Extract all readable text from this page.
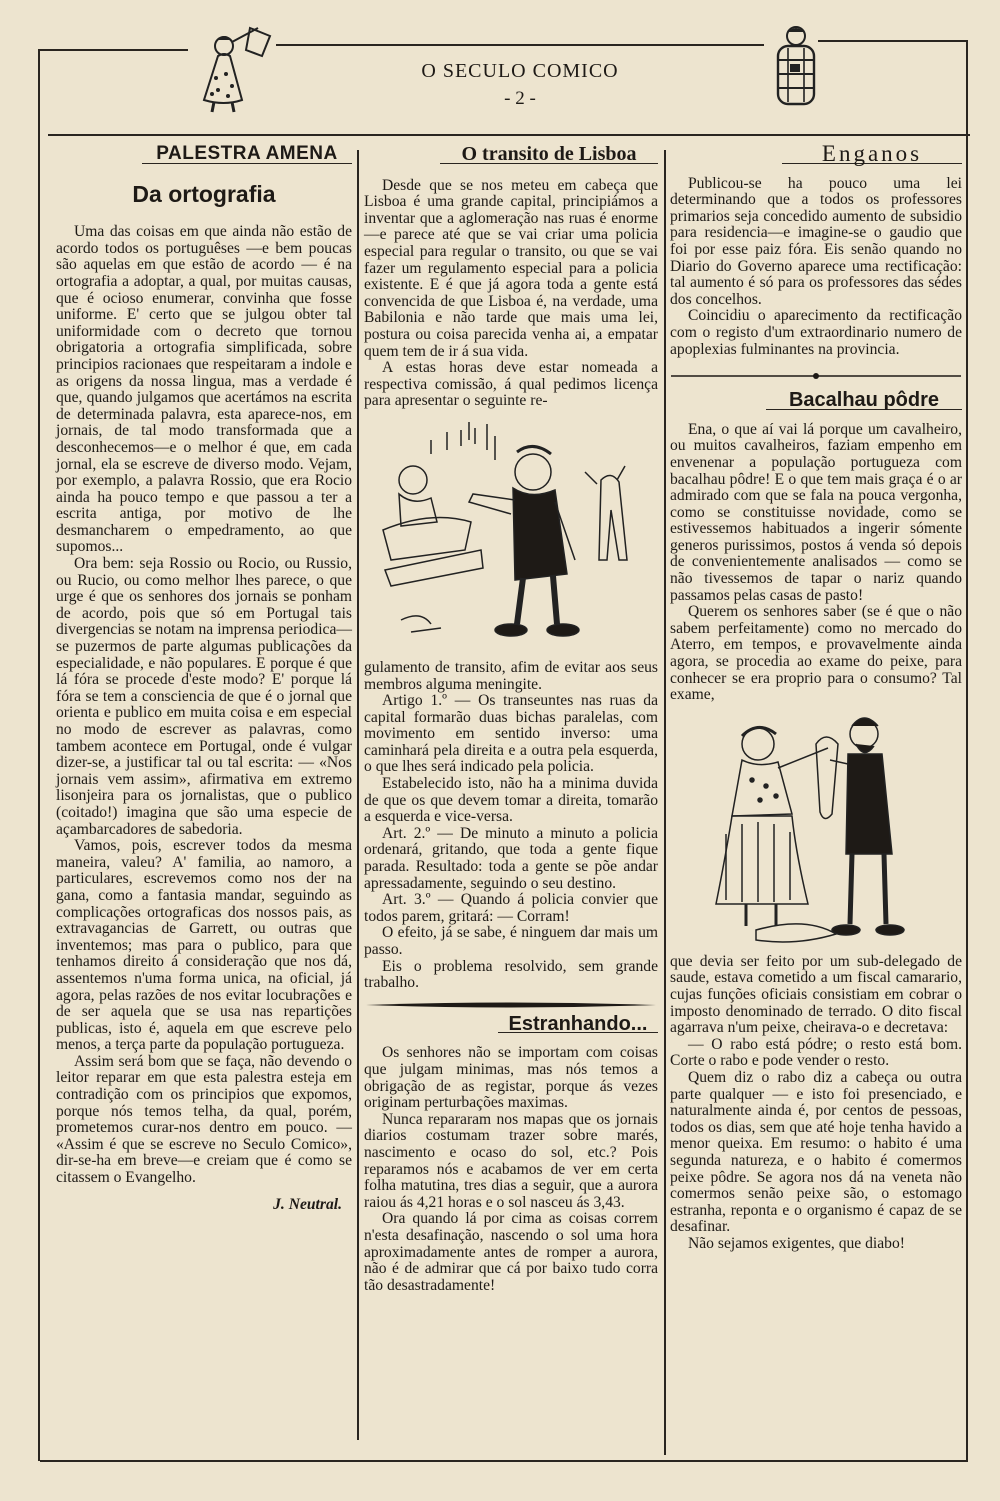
O SECULO COMICO
- 2 -
PALESTRA AMENA
Da ortografia

Uma das coisas em que ainda não estão de acordo todos os portuguêses —e bem poucas são aquelas em que estão de acordo — é na ortografia a adoptar, a qual, por muitas causas, que é ocioso enumerar, convinha que fosse uniforme. E' certo que se julgou obter tal uniformidade com o decreto que tornou obrigatoria a ortografia simplificada, sobre principios racionaes que respeitaram a indole e as origens da nossa lingua, mas a verdade é que, quando julgamos que acertámos na escrita de determinada palavra, esta aparece-nos, em jornais, de tal modo transformada que a desconhecemos—e o melhor é que, em cada jornal, ela se escreve de diverso modo. Vejam, por exemplo, a palavra Rossio, que era Rocio ainda ha pouco tempo e que passou a ter a escrita antiga, por motivo de lhe desmancharem o empedramento, ao que supomos...

Ora bem: seja Rossio ou Rocio, ou Russio, ou Rucio, ou como melhor lhes parece, o que urge é que os senhores dos jornais se ponham de acordo, pois que só em Portugal tais divergencias se notam na imprensa periodica—se puzermos de parte algumas publicações da especialidade, e não populares. E porque é que lá fóra se procede d'este modo? E' porque lá fóra se tem a consciencia de que é o jornal que orienta e publico em muita coisa e em especial no modo de escrever as palavras, como tambem acontece em Portugal, onde é vulgar dizer-se, a justificar tal ou tal escrita: — «Nos jornais vem assim», afirmativa em extremo lisonjeira para os jornalistas, que o publico (coitado!) imagina que são uma especie de açambarcadores de sabedoria.

Vamos, pois, escrever todos da mesma maneira, valeu? A' familia, ao namoro, a particulares, escrevemos como nos der na gana, como a fantasia mandar, seguindo as complicações ortograficas dos nossos pais, as extravagancias de Garrett, ou outras que inventemos; mas para o publico, para que tenhamos direito á consideração que nos dá, assentemos n'uma forma unica, na oficial, já agora, pelas razões de nos evitar locubrações e de ser aquela que se usa nas repartições publicas, isto é, aquela em que escreve pelo menos, a terça parte da população portugueza.

Assim será bom que se faça, não devendo o leitor reparar em que esta palestra esteja em contradição com os principios que expomos, porque nós temos telha, da qual, porém, prometemos curar-nos dentro em pouco. — «Assim é que se escreve no Seculo Comico», dir-se-ha em breve—e creiam que é como se citassem o Evangelho.

J. Neutral.
O transito de Lisboa

Desde que se nos meteu em cabeça que Lisboa é uma grande capital, principiámos a inventar que a aglomeração nas ruas é enorme—e parece até que se vai criar uma policia especial para regular o transito, ou que se vai fazer um regulamento especial para a policia existente. E é que já agora toda a gente está convencida de que Lisboa é, na verdade, uma Babilonia e não tarde que mais uma lei, postura ou coisa parecida venha ai, a empatar quem tem de ir á sua vida.

A estas horas deve estar nomeada a respectiva comissão, á qual pedimos licença para apresentar o seguinte re-

gulamento de transito, afim de evitar aos seus membros alguma meningite.

Artigo 1.º — Os transeuntes nas ruas da capital formarão duas bichas paralelas, com movimento em sentido inverso: uma caminhará pela direita e a outra pela esquerda, o que lhes será indicado pela policia.

Estabelecido isto, não ha a minima duvida de que os que devem tomar a direita, tomarão a esquerda e vice-versa.

Art. 2.º — De minuto a minuto a policia ordenará, gritando, que toda a gente fique parada. Resultado: toda a gente se põe andar apressadamente, seguindo o seu destino.

Art. 3.º — Quando á policia convier que todos parem, gritará: — Corram!

O efeito, já se sabe, é ninguem dar mais um passo.

Eis o problema resolvido, sem grande trabalho.

Estranhando...

Os senhores não se importam com coisas que julgam minimas, mas nós temos a obrigação de as registar, porque ás vezes originam perturbações maximas.

Nunca repararam nos mapas que os jornais diarios costumam trazer sobre marés, nascimento e ocaso do sol, etc.? Pois reparamos nós e acabamos de ver em certa folha matutina, tres dias a seguir, que a aurora raiou ás 4,21 horas e o sol nasceu ás 3,43.

Ora quando lá por cima as coisas correm n'esta desafinação, nascendo o sol uma hora aproximadamente antes de romper a aurora, não é de admirar que cá por baixo tudo corra tão desastradamente!

Enganos

Publicou-se ha pouco uma lei determinando que a todos os professores primarios seja concedido aumento de subsidio para residencia—e imagine-se o gaudio que foi por esse paiz fóra. Eis senão quando no Diario do Governo aparece uma rectificação: tal aumento é só para os professores das sédes dos concelhos.

Coincidiu o aparecimento da rectificação com o registo d'um extraordinario numero de apoplexias fulminantes na provincia.

Bacalhau pôdre

Ena, o que aí vai lá porque um cavalheiro, ou muitos cavalheiros, faziam empenho em envenenar a população portugueza com bacalhau pôdre! E o que tem mais graça é o ar admirado com que se fala na pouca vergonha, como se constituisse novidade, como se estivessemos habituados a ingerir sómente generos purissimos, postos á venda só depois de convenientemente analisados — como se não tivessemos de tapar o nariz quando passamos pelas casas de pasto!

Querem os senhores saber (se é que o não sabem perfeitamente) como no mercado do Aterro, em tempos, e provavelmente ainda agora, se procedia ao exame do peixe, para conhecer se era proprio para o consumo? Tal exame,

que devia ser feito por um sub-delegado de saude, estava cometido a um fiscal camarario, cujas funções oficiais consistiam em cobrar o imposto denominado de terrado. O dito fiscal agarrava n'um peixe, cheirava-o e decretava:

— O rabo está pódre; o resto está bom. Corte o rabo e pode vender o resto.

Quem diz o rabo diz a cabeça ou outra parte qualquer — e isto foi presenciado, e naturalmente ainda é, por centos de pessoas, todos os dias, sem que até hoje tenha havido a menor queixa. Em resumo: o habito é uma segunda natureza, e o habito é comermos peixe pôdre. Se agora nos dá na veneta não comermos senão peixe são, o estomago estranha, reponta e o organismo é capaz de se desafinar.

Não sejamos exigentes, que diabo!
